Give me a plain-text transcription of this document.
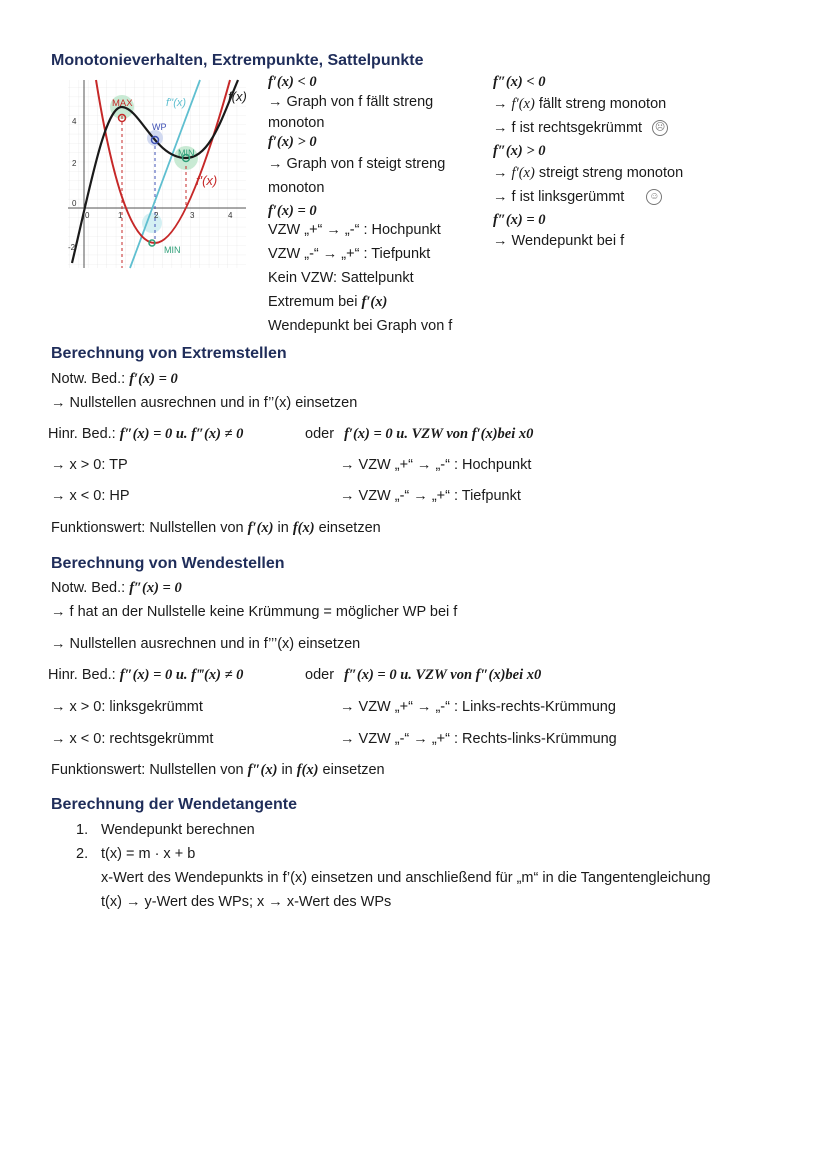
Monotonieverhalten, Extrempunkte, Sattelpunkte
MAX
WP
MIN
MIN
f''(x)	f(x)
f'(x)
0	1	2	3	4
4
2
0
-2
f′(x) < 0
→ Graph von f fällt streng
monoton
f′(x) > 0
→ Graph von f steigt streng
monoton
f′(x) = 0
VZW „+“ → „-“ : Hochpunkt
VZW „-“ → „+“ : Tiefpunkt
Kein VZW: Sattelpunkt
Extremum bei f′(x)
Wendepunkt bei Graph von f
f″(x) < 0
→ f′(x) fällt streng monoton
→ f ist rechtsgekrümmt ☹
f″(x) > 0
→ f′(x) streigt streng monoton
→ f ist linksgerümmt ☺
f″(x) = 0
→ Wendepunkt bei f
Berechnung von Extremstellen
Notw. Bed.: f′(x) = 0
→ Nullstellen ausrechnen und in f’’(x) einsetzen
Hinr. Bed.: f″(x) = 0 u. f″(x) ≠ 0	oder f′(x) = 0 u. VZW von f′(x)bei x0
→ x > 0: TP	→ VZW „+“ → „-“ : Hochpunkt
→ x < 0: HP	→ VZW „-“ → „+“ : Tiefpunkt
Funktionswert: Nullstellen von f′(x) in f(x) einsetzen
Berechnung von Wendestellen
Notw. Bed.: f″(x) = 0
→ f hat an der Nullstelle keine Krümmung = möglicher WP bei f
→ Nullstellen ausrechnen und in f’’’(x) einsetzen
Hinr. Bed.: f″(x) = 0 u. f‴(x) ≠ 0	oder f″(x) = 0 u. VZW von f″(x)bei x0
→ x > 0: linksgekrümmt	→ VZW „+“ → „-“ : Links-rechts-Krümmung
→ x < 0: rechtsgekrümmt	→ VZW „-“ → „+“ : Rechts-links-Krümmung
Funktionswert: Nullstellen von f″(x) in f(x) einsetzen
Berechnung der Wendetangente
1. Wendepunkt berechnen
2. t(x) = m · x + b
x-Wert des Wendepunkts in f’(x) einsetzen und anschließend für „m“ in die Tangentengleichung
t(x) → y-Wert des WPs; x → x-Wert des WPs
